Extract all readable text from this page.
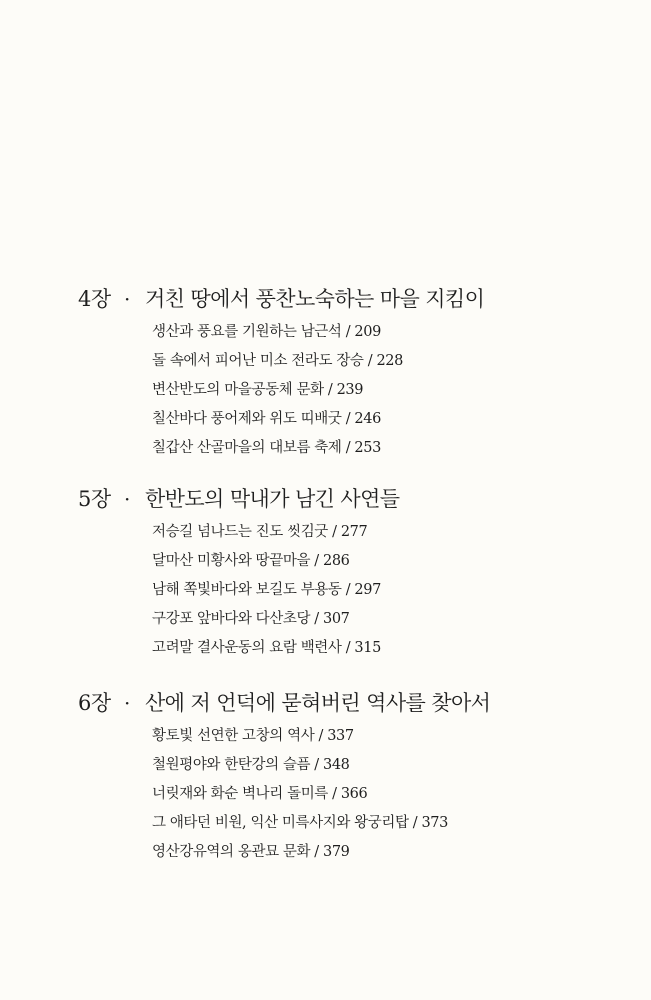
4장 · 거친 땅에서 풍찬노숙하는 마을 지킴이
생산과 풍요를 기원하는 남근석 / 209
돌 속에서 피어난 미소 전라도 장승 / 228
변산반도의 마을공동체 문화 / 239
칠산바다 풍어제와 위도 띠배굿 / 246
칠갑산 산골마을의 대보름 축제 / 253
5장 · 한반도의 막내가 남긴 사연들
저승길 넘나드는 진도 씻김굿 / 277
달마산 미황사와 땅끝마을 / 286
남해 쪽빛바다와 보길도 부용동 / 297
구강포 앞바다와 다산초당 / 307
고려말 결사운동의 요람 백련사 / 315
6장 · 산에 저 언덕에 묻혀버린 역사를 찾아서
황토빛 선연한 고창의 역사 / 337
철원평야와 한탄강의 슬픔 / 348
너릿재와 화순 벽나리 돌미륵 / 366
그 애타던 비원, 익산 미륵사지와 왕궁리탑 / 373
영산강유역의 옹관묘 문화 / 379
